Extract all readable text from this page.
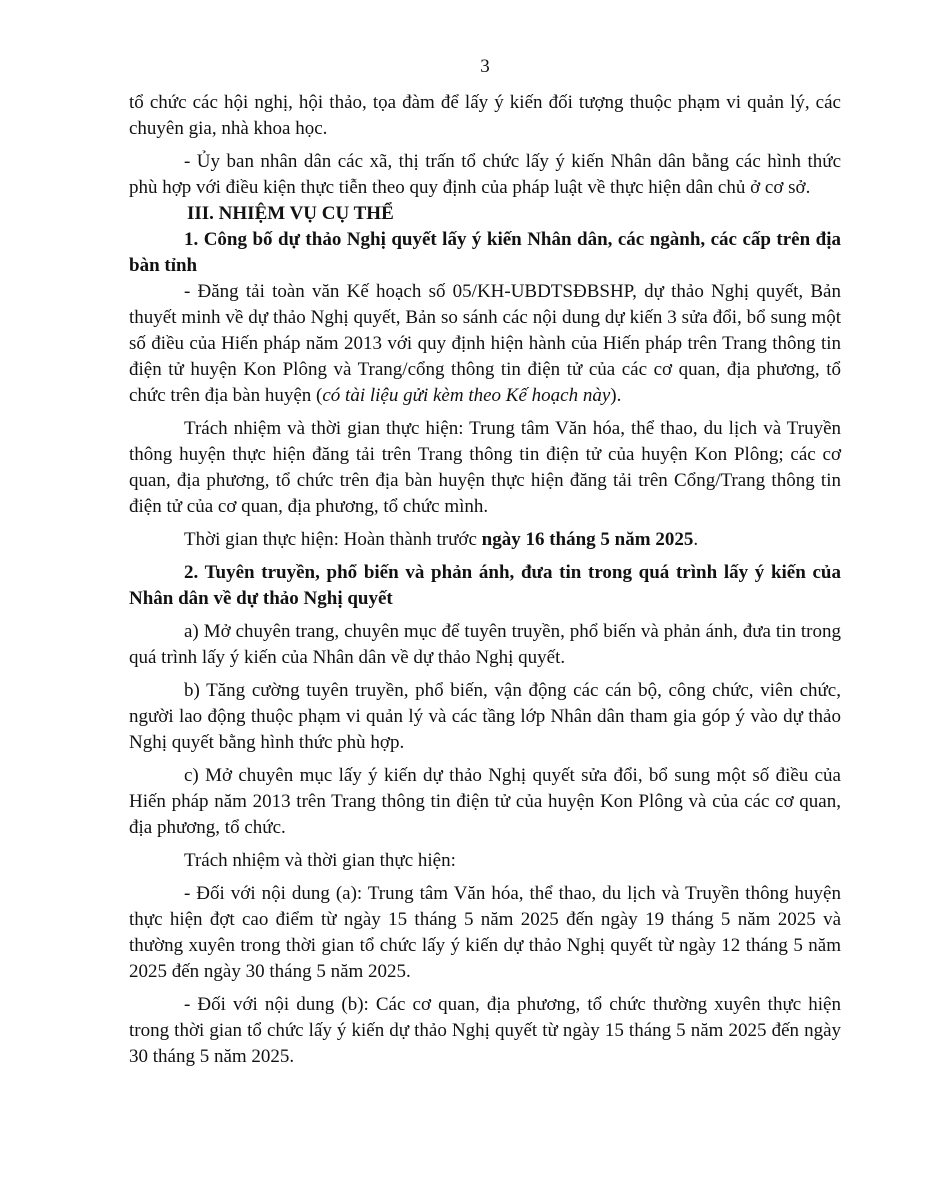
3

tổ chức các hội nghị, hội thảo, tọa đàm để lấy ý kiến đối tượng thuộc phạm vi quản lý, các chuyên gia, nhà khoa học.

- Ủy ban nhân dân các xã, thị trấn tổ chức lấy ý kiến Nhân dân bằng các hình thức phù hợp với điều kiện thực tiễn theo quy định của pháp luật về thực hiện dân chủ ở cơ sở.

III. NHIỆM VỤ CỤ THỂ

1. Công bố dự thảo Nghị quyết lấy ý kiến Nhân dân, các ngành, các cấp trên địa bàn tỉnh

- Đăng tải toàn văn Kế hoạch số 05/KH-UBDTSĐBSHP, dự thảo Nghị quyết, Bản thuyết minh về dự thảo Nghị quyết, Bản so sánh các nội dung dự kiến 3 sửa đổi, bổ sung một số điều của Hiến pháp năm 2013 với quy định hiện hành của Hiến pháp trên Trang thông tin điện tử huyện Kon Plông và Trang/cổng thông tin điện tử của các cơ quan, địa phương, tổ chức trên địa bàn huyện (có tài liệu gửi kèm theo Kế hoạch này).

Trách nhiệm và thời gian thực hiện: Trung tâm Văn hóa, thể thao, du lịch và Truyền thông huyện thực hiện đăng tải trên Trang thông tin điện tử của huyện Kon Plông; các cơ quan, địa phương, tổ chức trên địa bàn huyện thực hiện đăng tải trên Cổng/Trang thông tin điện tử của cơ quan, địa phương, tổ chức mình.

Thời gian thực hiện: Hoàn thành trước ngày 16 tháng 5 năm 2025.

2. Tuyên truyền, phổ biến và phản ánh, đưa tin trong quá trình lấy ý kiến của Nhân dân về dự thảo Nghị quyết

a) Mở chuyên trang, chuyên mục để tuyên truyền, phổ biến và phản ánh, đưa tin trong quá trình lấy ý kiến của Nhân dân về dự thảo Nghị quyết.

b) Tăng cường tuyên truyền, phổ biến, vận động các cán bộ, công chức, viên chức, người lao động thuộc phạm vi quản lý và các tầng lớp Nhân dân tham gia góp ý vào dự thảo Nghị quyết bằng hình thức phù hợp.

c) Mở chuyên mục lấy ý kiến dự thảo Nghị quyết sửa đổi, bổ sung một số điều của Hiến pháp năm 2013 trên Trang thông tin điện tử của huyện Kon Plông và của các cơ quan, địa phương, tổ chức.

Trách nhiệm và thời gian thực hiện:

- Đối với nội dung (a): Trung tâm Văn hóa, thể thao, du lịch và Truyền thông huyện thực hiện đợt cao điểm từ ngày 15 tháng 5 năm 2025 đến ngày 19 tháng 5 năm 2025 và thường xuyên trong thời gian tổ chức lấy ý kiến dự thảo Nghị quyết từ ngày 12 tháng 5 năm 2025 đến ngày 30 tháng 5 năm 2025.

- Đối với nội dung (b): Các cơ quan, địa phương, tổ chức thường xuyên thực hiện trong thời gian tổ chức lấy ý kiến dự thảo Nghị quyết từ ngày 15 tháng 5 năm 2025 đến ngày 30 tháng 5 năm 2025.
